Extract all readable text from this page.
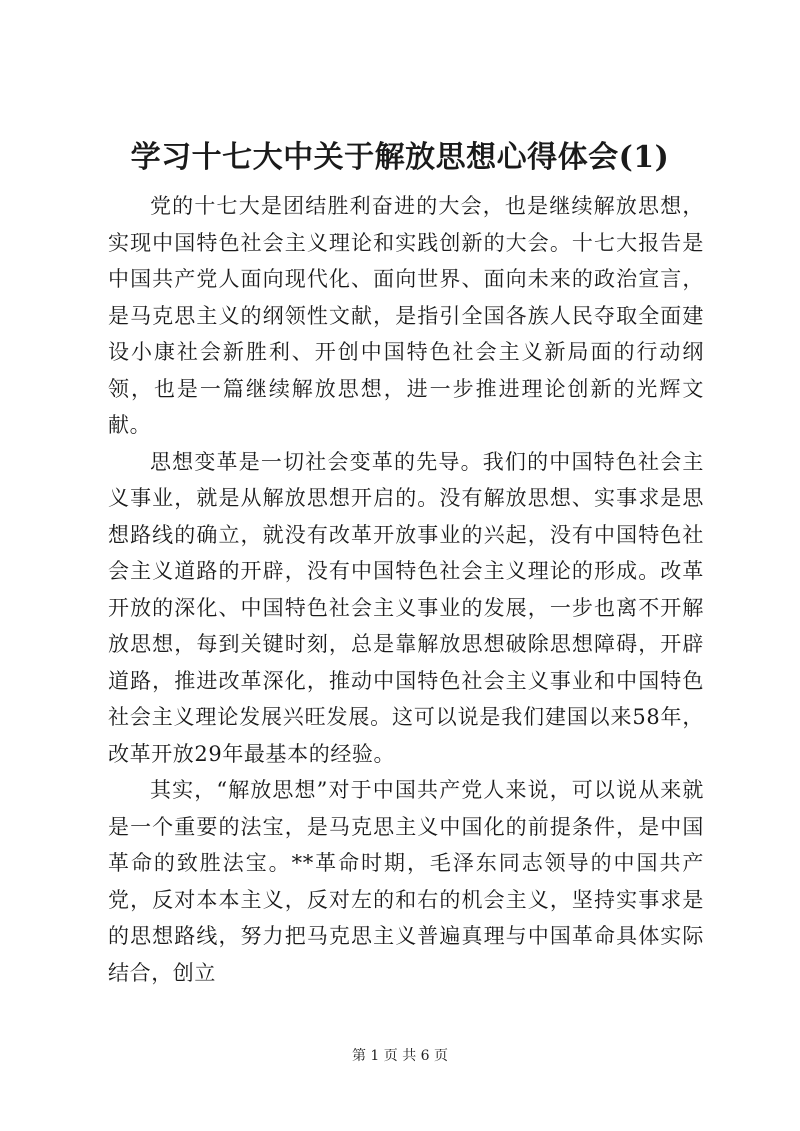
学习十七大中关于解放思想心得体会(1)

党的十七大是团结胜利奋进的大会，也是继续解放思想，实现中国特色社会主义理论和实践创新的大会。十七大报告是中国共产党人面向现代化、面向世界、面向未来的政治宣言，是马克思主义的纲领性文献，是指引全国各族人民夺取全面建设小康社会新胜利、开创中国特色社会主义新局面的行动纲领，也是一篇继续解放思想，进一步推进理论创新的光辉文献。

思想变革是一切社会变革的先导。我们的中国特色社会主义事业，就是从解放思想开启的。没有解放思想、实事求是思想路线的确立，就没有改革开放事业的兴起，没有中国特色社会主义道路的开辟，没有中国特色社会主义理论的形成。改革开放的深化、中国特色社会主义事业的发展，一步也离不开解放思想，每到关键时刻，总是靠解放思想破除思想障碍，开辟道路，推进改革深化，推动中国特色社会主义事业和中国特色社会主义理论发展兴旺发展。这可以说是我们建国以来58年，改革开放29年最基本的经验。

其实，“解放思想”对于中国共产党人来说，可以说从来就是一个重要的法宝，是马克思主义中国化的前提条件，是中国革命的致胜法宝。**革命时期，毛泽东同志领导的中国共产党，反对本本主义，反对左的和右的机会主义，坚持实事求是的思想路线，努力把马克思主义普遍真理与中国革命具体实际结合，创立

第 1 页 共 6 页
